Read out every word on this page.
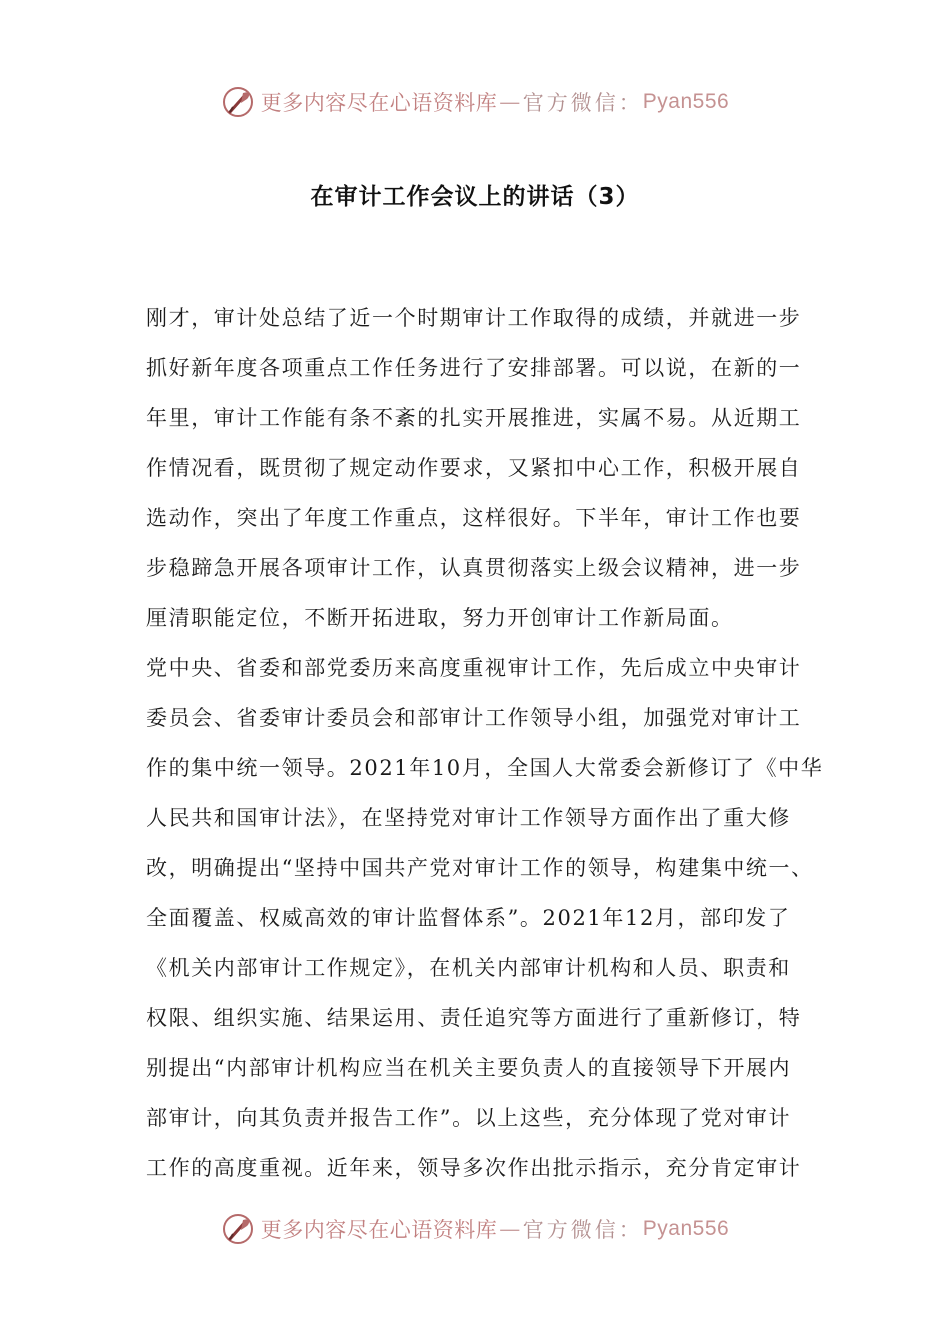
更多内容尽在心语资料库 — 官方微信： Pyan556
在审计工作会议上的讲话（3）
刚才，审计处总结了近一个时期审计工作取得的成绩，并就进一步
抓好新年度各项重点工作任务进行了安排部署。可以说，在新的一
年里，审计工作能有条不紊的扎实开展推进，实属不易。从近期工
作情况看，既贯彻了规定动作要求，又紧扣中心工作，积极开展自
选动作，突出了年度工作重点，这样很好。下半年，审计工作也要
步稳蹄急开展各项审计工作，认真贯彻落实上级会议精神，进一步
厘清职能定位，不断开拓进取，努力开创审计工作新局面。
党中央、省委和部党委历来高度重视审计工作，先后成立中央审计
委员会、省委审计委员会和部审计工作领导小组，加强党对审计工
作的集中统一领导。2021年10月，全国人大常委会新修订了《中华
人民共和国审计法》，在坚持党对审计工作领导方面作出了重大修
改，明确提出“坚持中国共产党对审计工作的领导，构建集中统一、
全面覆盖、权威高效的审计监督体系”。2021年12月，部印发了
《机关内部审计工作规定》，在机关内部审计机构和人员、职责和
权限、组织实施、结果运用、责任追究等方面进行了重新修订，特
别提出“内部审计机构应当在机关主要负责人的直接领导下开展内
部审计，向其负责并报告工作”。以上这些，充分体现了党对审计
工作的高度重视。近年来，领导多次作出批示指示，充分肯定审计
更多内容尽在心语资料库 — 官方微信： Pyan556
